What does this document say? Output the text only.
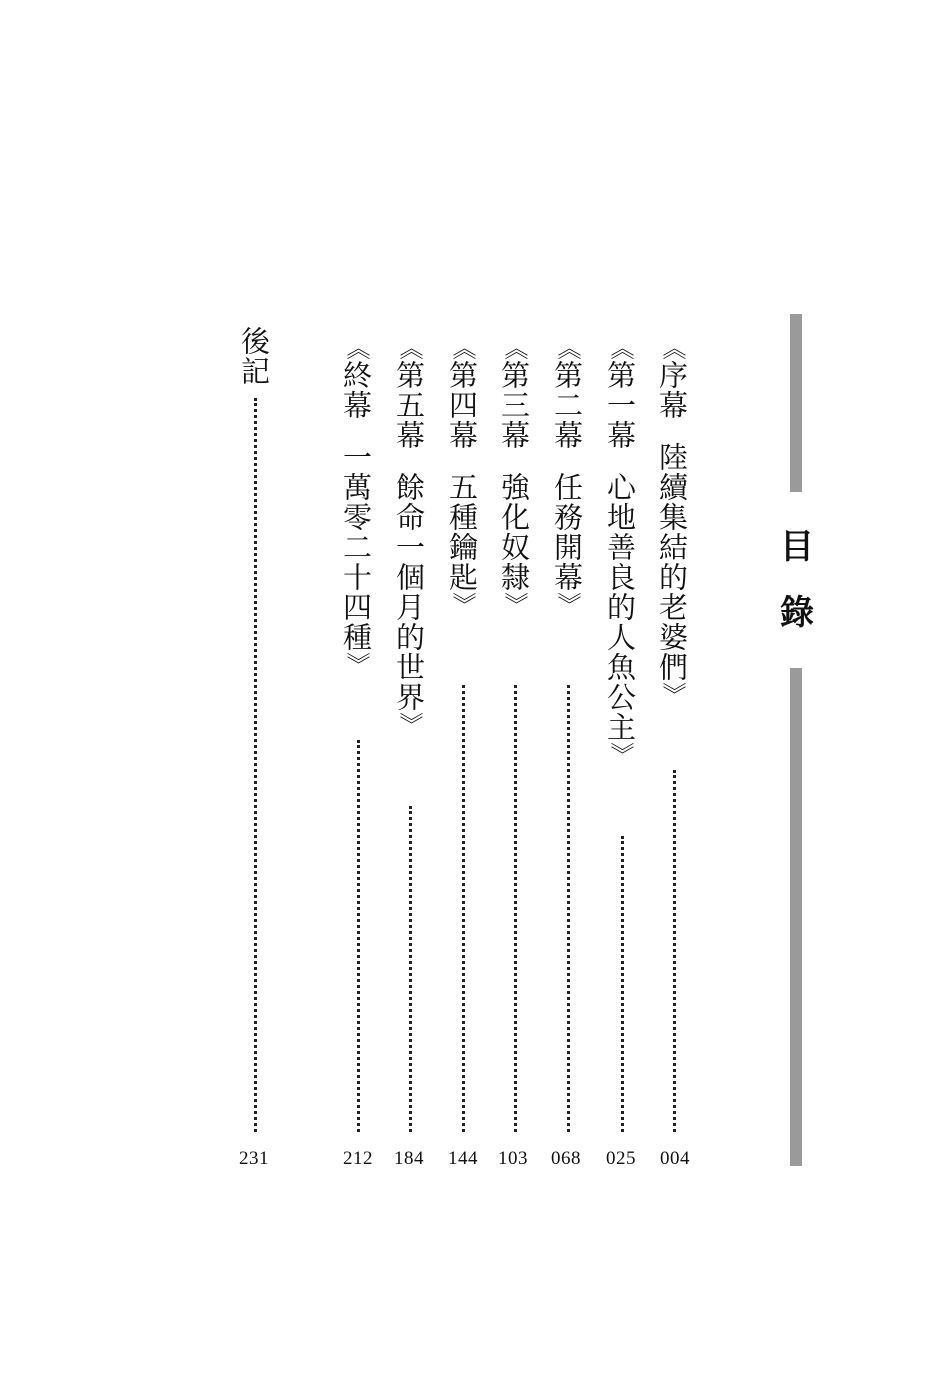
目
錄
《序幕陸續集結的老婆們》
004
《第一幕心地善良的人魚公主》
025
《第二幕任務開幕》
068
《第三幕強化奴隸》
103
《第四幕五種鑰匙》
144
《第五幕餘命一個月的世界》
184
《終幕一萬零二十四種》
212
後記
231
